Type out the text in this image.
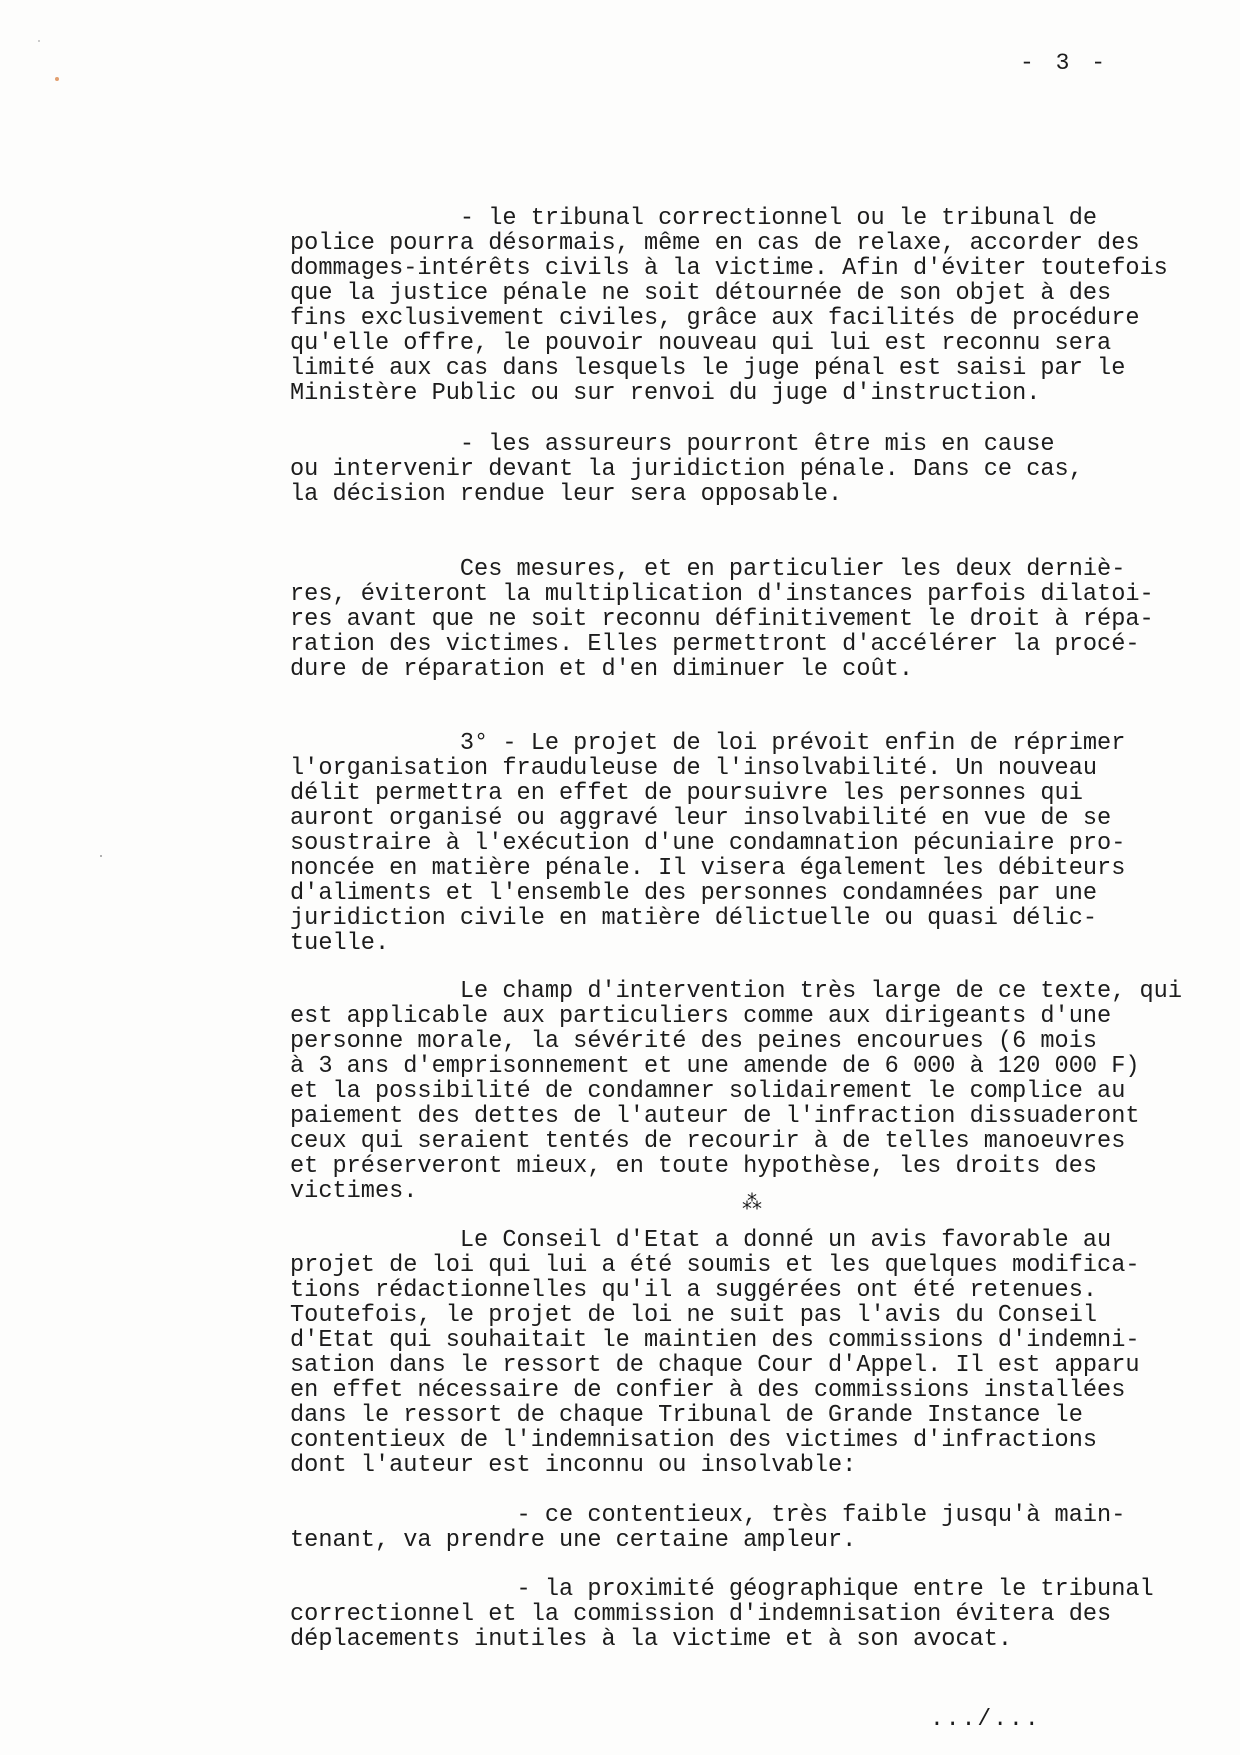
- 3 -
- le tribunal correctionnel ou le tribunal de
police pourra désormais, même en cas de relaxe, accorder des
dommages-intérêts civils à la victime. Afin d'éviter toutefois
que la justice pénale ne soit détournée de son objet à des
fins exclusivement civiles, grâce aux facilités de procédure
qu'elle offre, le pouvoir nouveau qui lui est reconnu sera
limité aux cas dans lesquels le juge pénal est saisi par le
Ministère Public ou sur renvoi du juge d'instruction.
- les assureurs pourront être mis en cause
ou intervenir devant la juridiction pénale. Dans ce cas,
la décision rendue leur sera opposable.
Ces mesures, et en particulier les deux derniè-
res, éviteront la multiplication d'instances parfois dilatoi-
res avant que ne soit reconnu définitivement le droit à répa-
ration des victimes. Elles permettront d'accélérer la procé-
dure de réparation et d'en diminuer le coût.
3° - Le projet de loi prévoit enfin de réprimer
l'organisation frauduleuse de l'insolvabilité. Un nouveau
délit permettra en effet de poursuivre les personnes qui
auront organisé ou aggravé leur insolvabilité en vue de se
soustraire à l'exécution d'une condamnation pécuniaire pro-
noncée en matière pénale. Il visera également les débiteurs
d'aliments et l'ensemble des personnes condamnées par une
juridiction civile en matière délictuelle ou quasi délic-
tuelle.
Le champ d'intervention très large de ce texte, qui
est applicable aux particuliers comme aux dirigeants d'une
personne morale, la sévérité des peines encourues (6 mois
à 3 ans d'emprisonnement et une amende de 6 000 à 120 000 F)
et la possibilité de condamner solidairement le complice au
paiement des dettes de l'auteur de l'infraction dissuaderont
ceux qui seraient tentés de recourir à de telles manoeuvres
et préserveront mieux, en toute hypothèse, les droits des
victimes.	⁂
Le Conseil d'Etat a donné un avis favorable au
projet de loi qui lui a été soumis et les quelques modifica-
tions rédactionnelles qu'il a suggérées ont été retenues.
Toutefois, le projet de loi ne suit pas l'avis du Conseil
d'Etat qui souhaitait le maintien des commissions d'indemni-
sation dans le ressort de chaque Cour d'Appel. Il est apparu
en effet nécessaire de confier à des commissions installées
dans le ressort de chaque Tribunal de Grande Instance le
contentieux de l'indemnisation des victimes d'infractions
dont l'auteur est inconnu ou insolvable:
- ce contentieux, très faible jusqu'à main-
tenant, va prendre une certaine ampleur.
- la proximité géographique entre le tribunal
correctionnel et la commission d'indemnisation évitera des
déplacements inutiles à la victime et à son avocat.
.../...
